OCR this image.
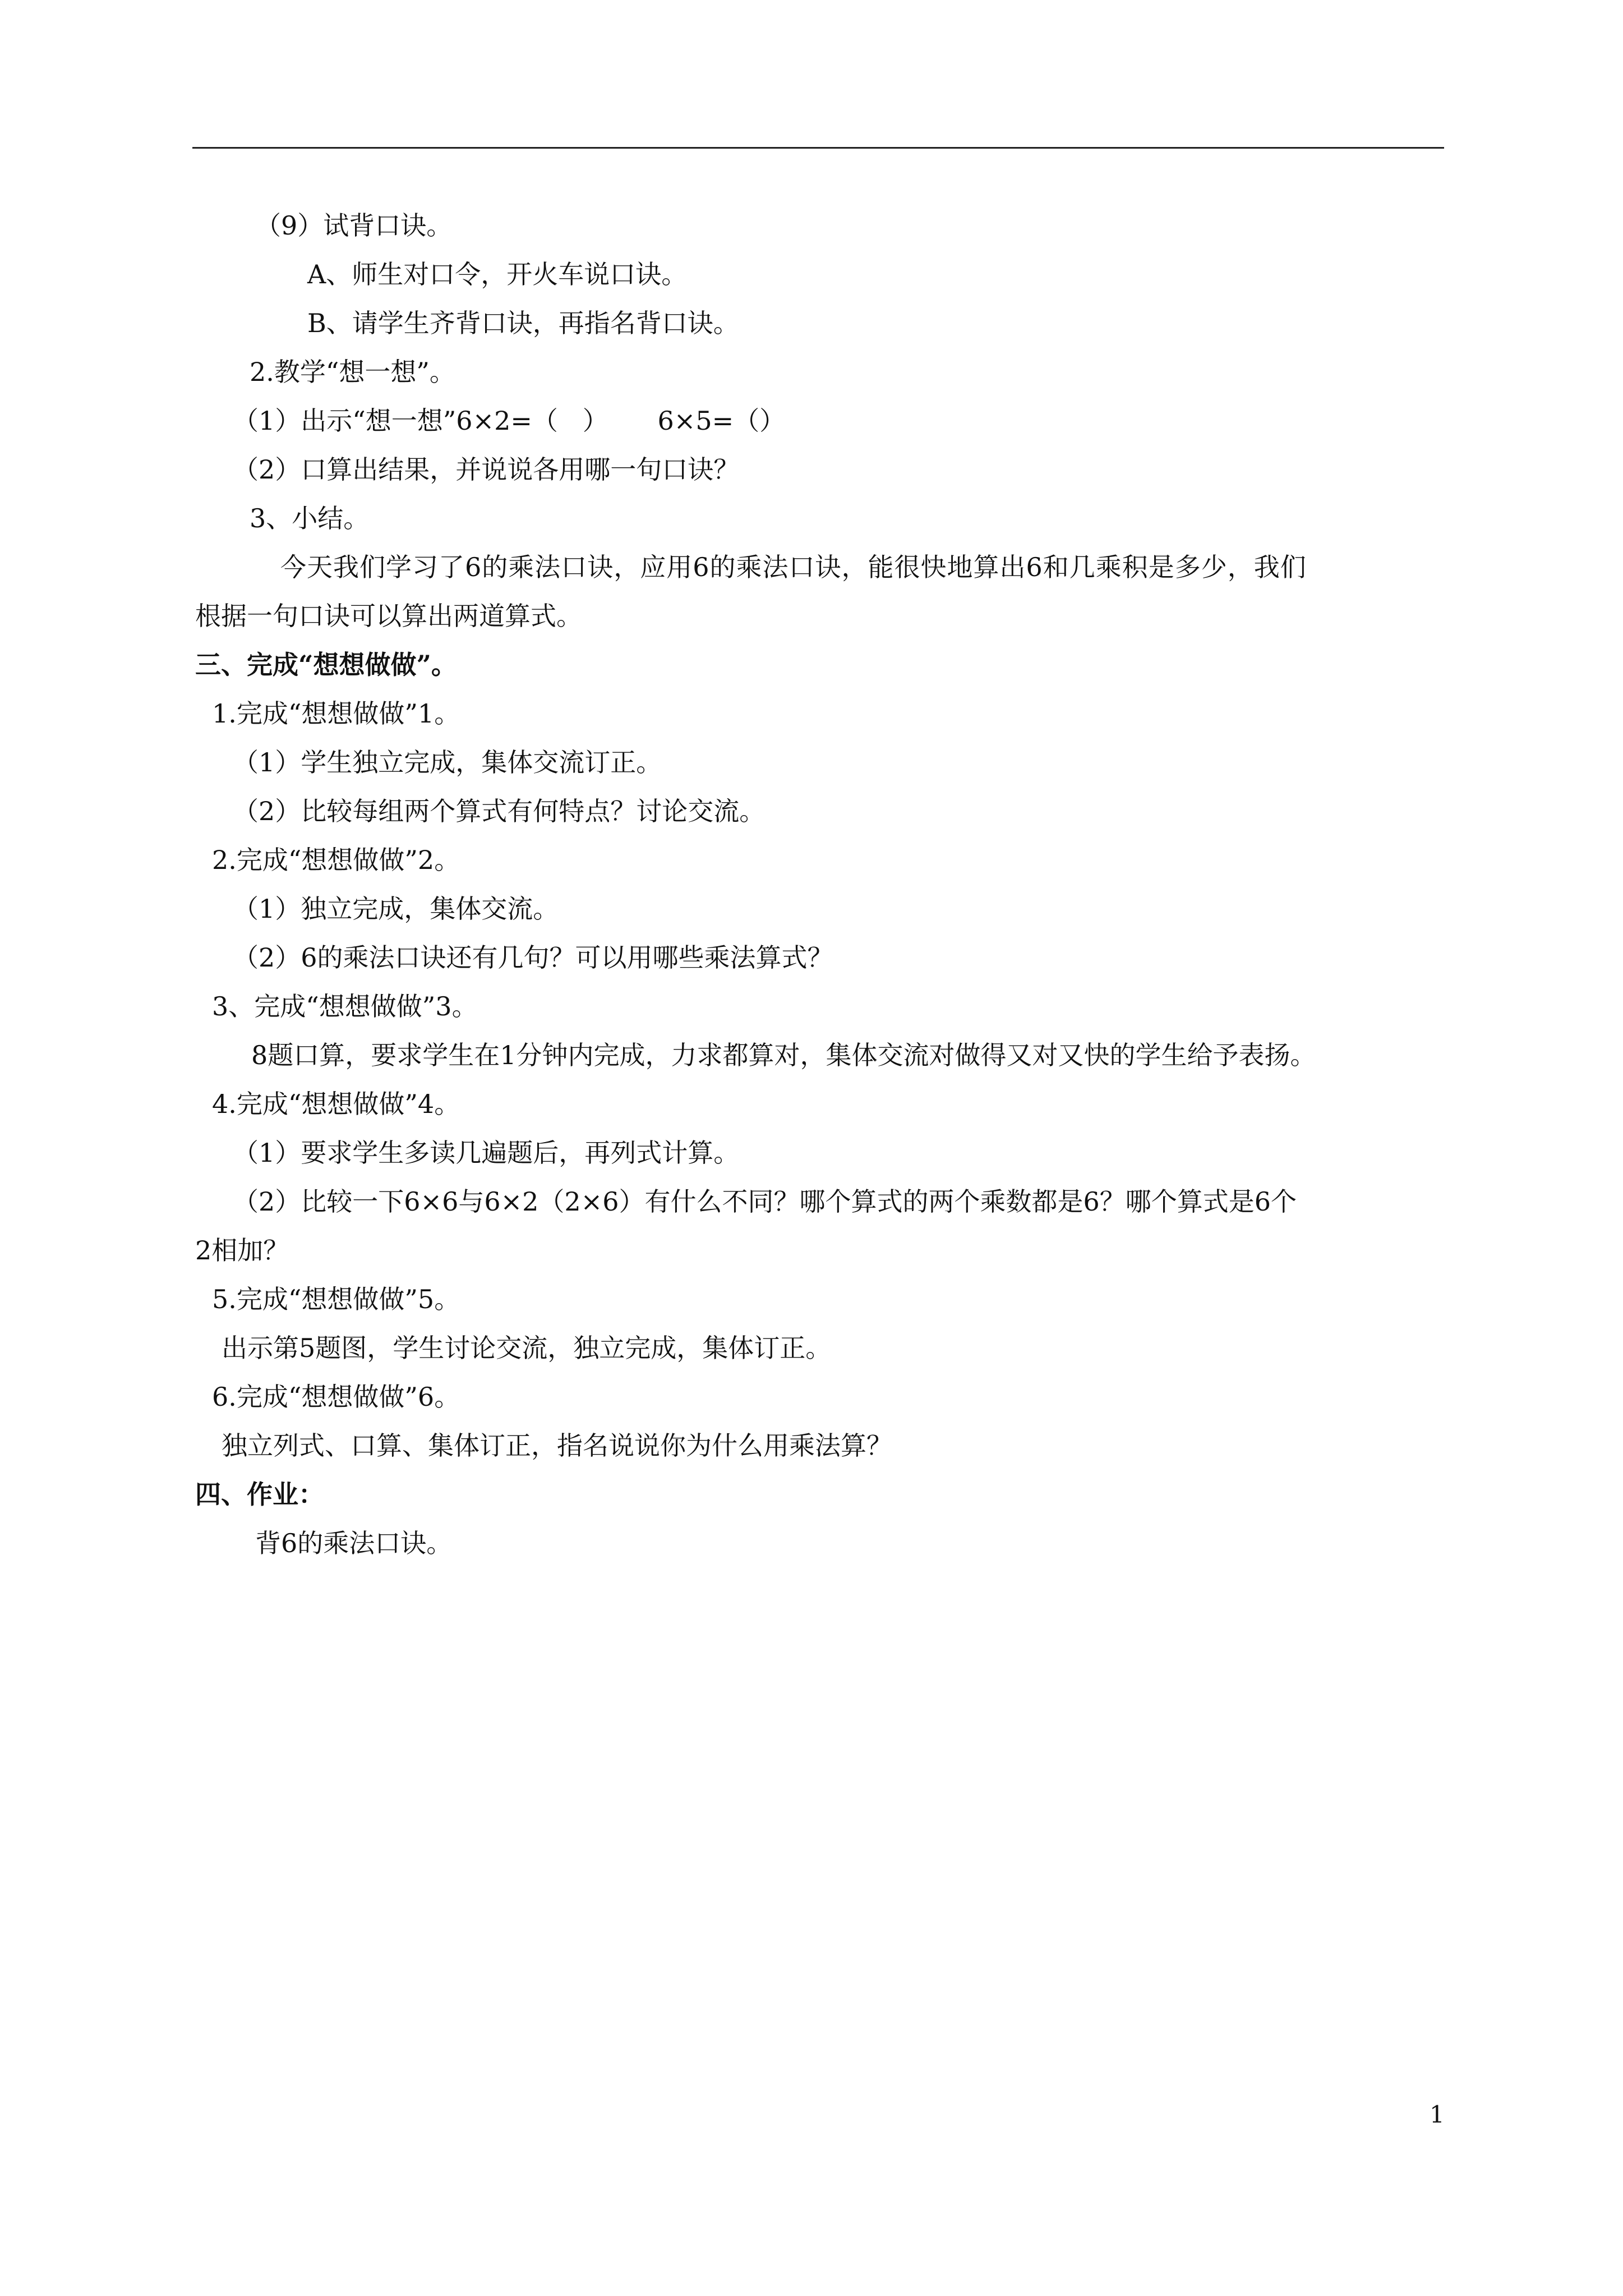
（9）试背口诀。
A、师生对口令，开火车说口诀。
B、请学生齐背口诀，再指名背口诀。
2.教学“想一想”。
（1）出示“想一想”6×2=（   ）      6×5=（）
（2）口算出结果，并说说各用哪一句口诀？
3、小结。
今天我们学习了6的乘法口诀，应用6的乘法口诀，能很快地算出6和几乘积是多少，我们
根据一句口诀可以算出两道算式。
三、完成“想想做做”。
1.完成“想想做做”1。
（1）学生独立完成，集体交流订正。
（2）比较每组两个算式有何特点？讨论交流。
2.完成“想想做做”2。
（1）独立完成，集体交流。
（2）6的乘法口诀还有几句？可以用哪些乘法算式？
3、完成“想想做做”3。
8题口算，要求学生在1分钟内完成，力求都算对，集体交流对做得又对又快的学生给予表扬。
4.完成“想想做做”4。
（1）要求学生多读几遍题后，再列式计算。
（2）比较一下6×6与6×2（2×6）有什么不同？哪个算式的两个乘数都是6？哪个算式是6个
2相加？
5.完成“想想做做”5。
出示第5题图，学生讨论交流，独立完成，集体订正。
6.完成“想想做做”6。
独立列式、口算、集体订正，指名说说你为什么用乘法算？
四、作业：
背6的乘法口诀。
1
